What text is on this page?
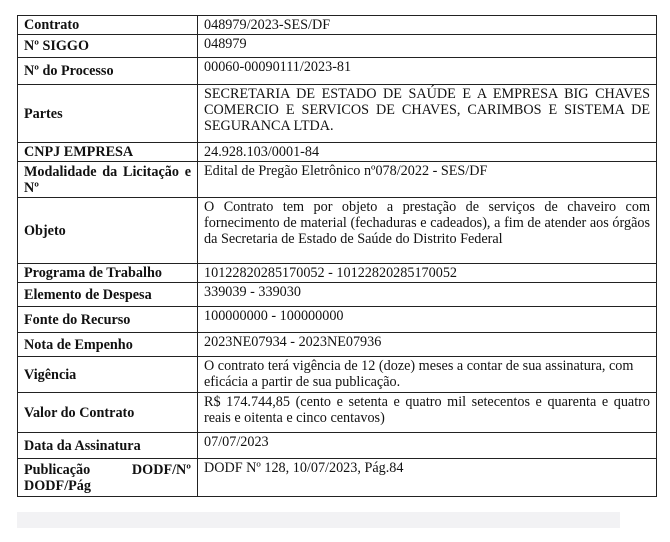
Contrato	048979/2023-SES/DF
Nº SIGGO	048979
Nº do Processo	00060-00090111/2023-81
Partes	SECRETARIA DE ESTADO DE SAÚDE E A EMPRESA BIG CHAVES COMERCIO E SERVICOS DE CHAVES, CARIMBOS E SISTEMA DE SEGURANCA LTDA.
CNPJ EMPRESA	24.928.103/0001-84
Modalidade da Licitação e Nº	Edital de Pregão Eletrônico nº078/2022 - SES/DF
Objeto	O Contrato tem por objeto a prestação de serviços de chaveiro com fornecimento de material (fechaduras e cadeados), a fim de atender aos órgãos da Secretaria de Estado de Saúde do Distrito Federal
Programa de Trabalho	10122820285170052 - 10122820285170052
Elemento de Despesa	339039 - 339030
Fonte do Recurso	100000000 - 100000000
Nota de Empenho	2023NE07934 - 2023NE07936
Vigência	O contrato terá vigência de 12 (doze) meses a contar de sua assinatura, com eficácia a partir de sua publicação.
Valor do Contrato	R$ 174.744,85 (cento e setenta e quatro mil setecentos e quarenta e quatro reais e oitenta e cinco centavos)
Data da Assinatura	07/07/2023
Publicação DODF/Nº DODF/Pág	DODF Nº 128, 10/07/2023, Pág.84
